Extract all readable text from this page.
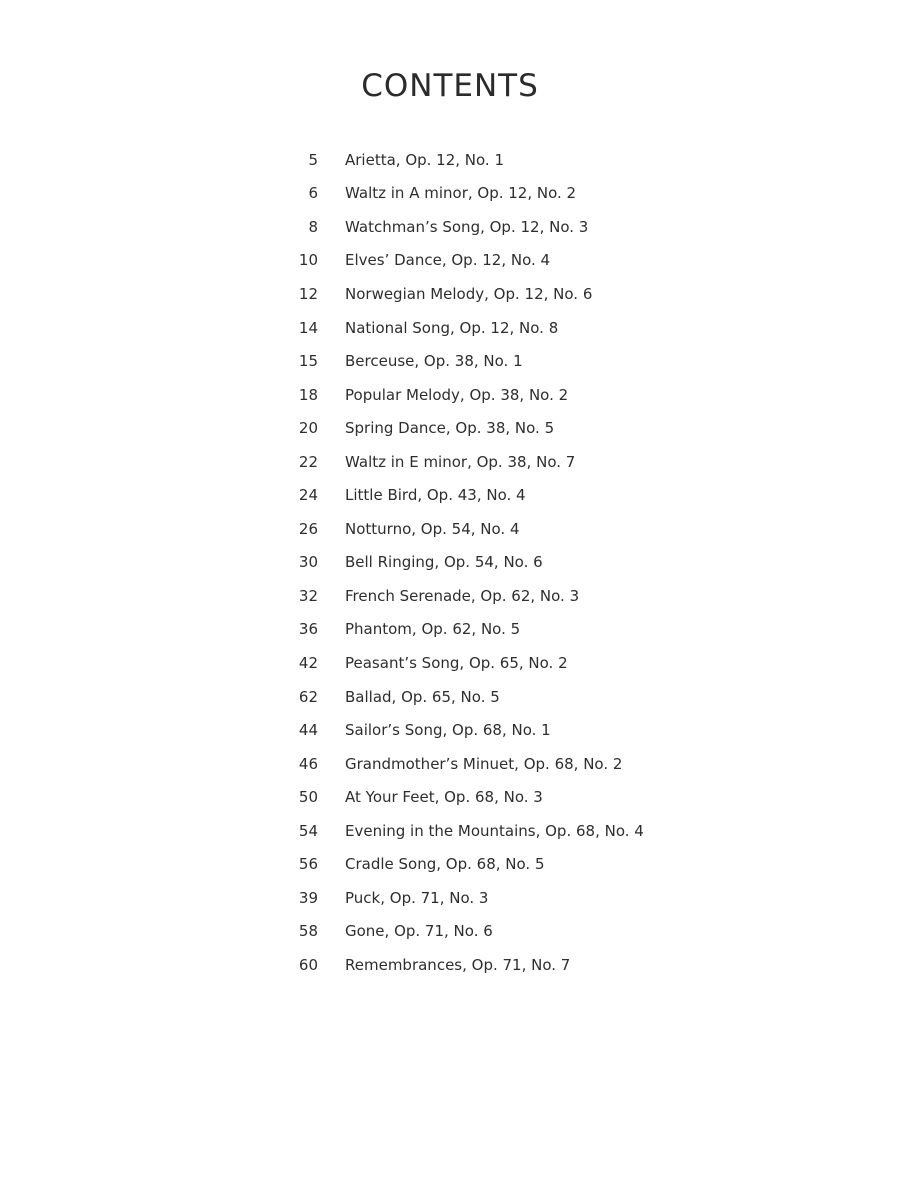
CONTENTS
5 Arietta, Op. 12, No. 1
6 Waltz in A minor, Op. 12, No. 2
8 Watchman’s Song, Op. 12, No. 3
10 Elves’ Dance, Op. 12, No. 4
12 Norwegian Melody, Op. 12, No. 6
14 National Song, Op. 12, No. 8
15 Berceuse, Op. 38, No. 1
18 Popular Melody, Op. 38, No. 2
20 Spring Dance, Op. 38, No. 5
22 Waltz in E minor, Op. 38, No. 7
24 Little Bird, Op. 43, No. 4
26 Notturno, Op. 54, No. 4
30 Bell Ringing, Op. 54, No. 6
32 French Serenade, Op. 62, No. 3
36 Phantom, Op. 62, No. 5
42 Peasant’s Song, Op. 65, No. 2
62 Ballad, Op. 65, No. 5
44 Sailor’s Song, Op. 68, No. 1
46 Grandmother’s Minuet, Op. 68, No. 2
50 At Your Feet, Op. 68, No. 3
54 Evening in the Mountains, Op. 68, No. 4
56 Cradle Song, Op. 68, No. 5
39 Puck, Op. 71, No. 3
58 Gone, Op. 71, No. 6
60 Remembrances, Op. 71, No. 7
